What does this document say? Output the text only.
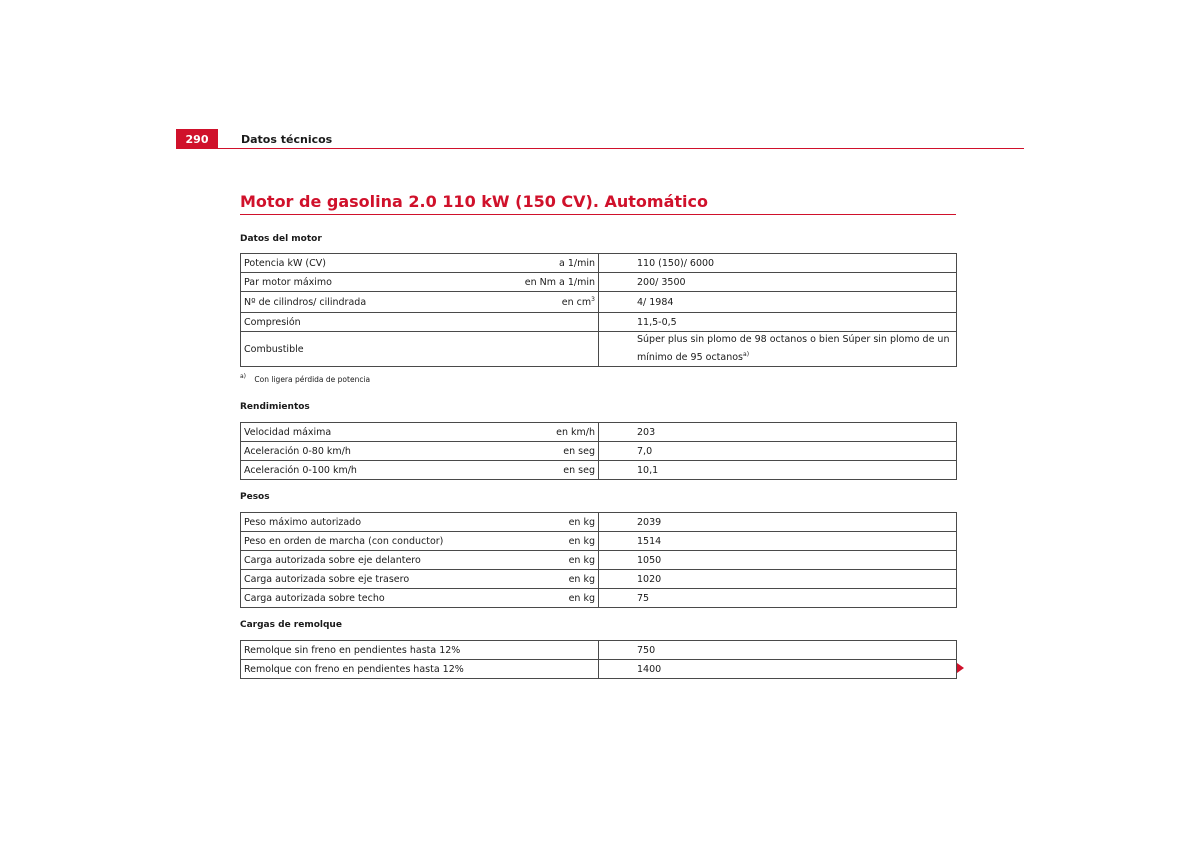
290	Datos técnicos
Motor de gasolina 2.0 110 kW (150 CV). Automático
Datos del motor
Potencia kW (CV)	a 1/min	110 (150)/ 6000
Par motor máximo	en Nm a 1/min	200/ 3500
Nº de cilindros/ cilindrada	en $cm^3$	4/ 1984
Compresión		11,5-0,5
Combustible		Súper plus sin plomo de 98 octanos o bien Súper sin plomo de un
mínimo de 95 octanos$^{a)}$
$^{a)}$ Con ligera pérdida de potencia
Rendimientos
Velocidad máxima	en km/h	203
Aceleración 0-80 km/h	en seg	7,0
Aceleración 0-100 km/h	en seg	10,1
Pesos
Peso máximo autorizado	en kg	2039
Peso en orden de marcha (con conductor)	en kg	1514
Carga autorizada sobre eje delantero	en kg	1050
Carga autorizada sobre eje trasero	en kg	1020
Carga autorizada sobre techo	en kg	75
Cargas de remolque
Remolque sin freno en pendientes hasta 12%		750
Remolque con freno en pendientes hasta 12%		1400
